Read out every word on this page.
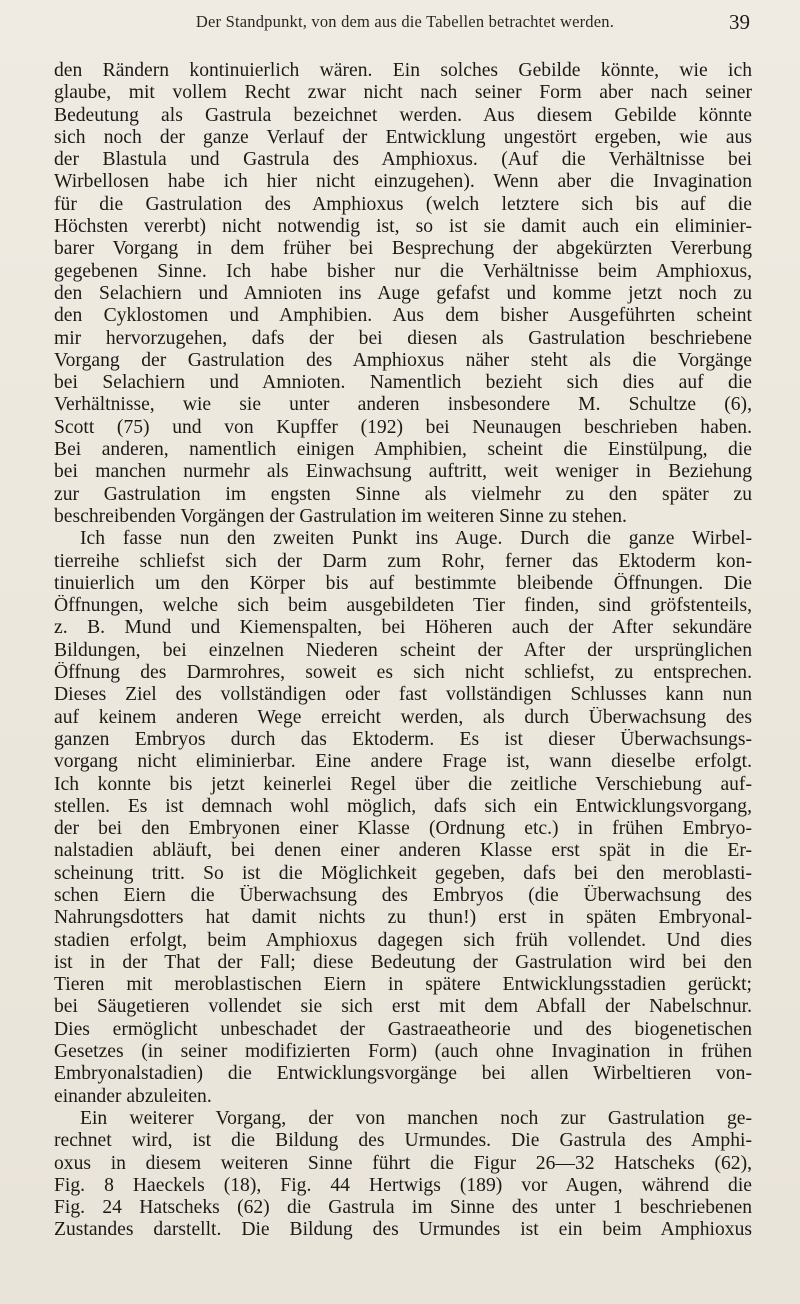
Der Standpunkt, von dem aus die Tabellen betrachtet werden.	39
den Rändern kontinuierlich wären. Ein solches Gebilde könnte, wie ich
glaube, mit vollem Recht zwar nicht nach seiner Form aber nach seiner
Bedeutung als Gastrula bezeichnet werden. Aus diesem Gebilde könnte
sich noch der ganze Verlauf der Entwicklung ungestört ergeben, wie aus
der Blastula und Gastrula des Amphioxus. (Auf die Verhältnisse bei
Wirbellosen habe ich hier nicht einzugehen). Wenn aber die Invagination
für die Gastrulation des Amphioxus (welch letztere sich bis auf die
Höchsten vererbt) nicht notwendig ist, so ist sie damit auch ein eliminier-
barer Vorgang in dem früher bei Besprechung der abgekürzten Vererbung
gegebenen Sinne. Ich habe bisher nur die Verhältnisse beim Amphioxus,
den Selachiern und Amnioten ins Auge gefafst und komme jetzt noch zu
den Cyklostomen und Amphibien. Aus dem bisher Ausgeführten scheint
mir hervorzugehen, dafs der bei diesen als Gastrulation beschriebene
Vorgang der Gastrulation des Amphioxus näher steht als die Vorgänge
bei Selachiern und Amnioten. Namentlich bezieht sich dies auf die
Verhältnisse, wie sie unter anderen insbesondere M. Schultze (6),
Scott (75) und von Kupffer (192) bei Neunaugen beschrieben haben.
Bei anderen, namentlich einigen Amphibien, scheint die Einstülpung, die
bei manchen nurmehr als Einwachsung auftritt, weit weniger in Beziehung
zur Gastrulation im engsten Sinne als vielmehr zu den später zu
beschreibenden Vorgängen der Gastrulation im weiteren Sinne zu stehen.
Ich fasse nun den zweiten Punkt ins Auge. Durch die ganze Wirbel-
tierreihe schliefst sich der Darm zum Rohr, ferner das Ektoderm kon-
tinuierlich um den Körper bis auf bestimmte bleibende Öffnungen. Die
Öffnungen, welche sich beim ausgebildeten Tier finden, sind gröfstenteils,
z. B. Mund und Kiemenspalten, bei Höheren auch der After sekundäre
Bildungen, bei einzelnen Niederen scheint der After der ursprünglichen
Öffnung des Darmrohres, soweit es sich nicht schliefst, zu entsprechen.
Dieses Ziel des vollständigen oder fast vollständigen Schlusses kann nun
auf keinem anderen Wege erreicht werden, als durch Überwachsung des
ganzen Embryos durch das Ektoderm. Es ist dieser Überwachsungs-
vorgang nicht eliminierbar. Eine andere Frage ist, wann dieselbe erfolgt.
Ich konnte bis jetzt keinerlei Regel über die zeitliche Verschiebung auf-
stellen. Es ist demnach wohl möglich, dafs sich ein Entwicklungsvorgang,
der bei den Embryonen einer Klasse (Ordnung etc.) in frühen Embryo-
nalstadien abläuft, bei denen einer anderen Klasse erst spät in die Er-
scheinung tritt. So ist die Möglichkeit gegeben, dafs bei den meroblasti-
schen Eiern die Überwachsung des Embryos (die Überwachsung des
Nahrungsdotters hat damit nichts zu thun!) erst in späten Embryonal-
stadien erfolgt, beim Amphioxus dagegen sich früh vollendet. Und dies
ist in der That der Fall; diese Bedeutung der Gastrulation wird bei den
Tieren mit meroblastischen Eiern in spätere Entwicklungsstadien gerückt;
bei Säugetieren vollendet sie sich erst mit dem Abfall der Nabelschnur.
Dies ermöglicht unbeschadet der Gastraeatheorie und des biogenetischen
Gesetzes (in seiner modifizierten Form) (auch ohne Invagination in frühen
Embryonalstadien) die Entwicklungsvorgänge bei allen Wirbeltieren von-
einander abzuleiten.
Ein weiterer Vorgang, der von manchen noch zur Gastrulation ge-
rechnet wird, ist die Bildung des Urmundes. Die Gastrula des Amphi-
oxus in diesem weiteren Sinne führt die Figur 26—32 Hatscheks (62),
Fig. 8 Haeckels (18), Fig. 44 Hertwigs (189) vor Augen, während die
Fig. 24 Hatscheks (62) die Gastrula im Sinne des unter 1 beschriebenen
Zustandes darstellt. Die Bildung des Urmundes ist ein beim Amphioxus
